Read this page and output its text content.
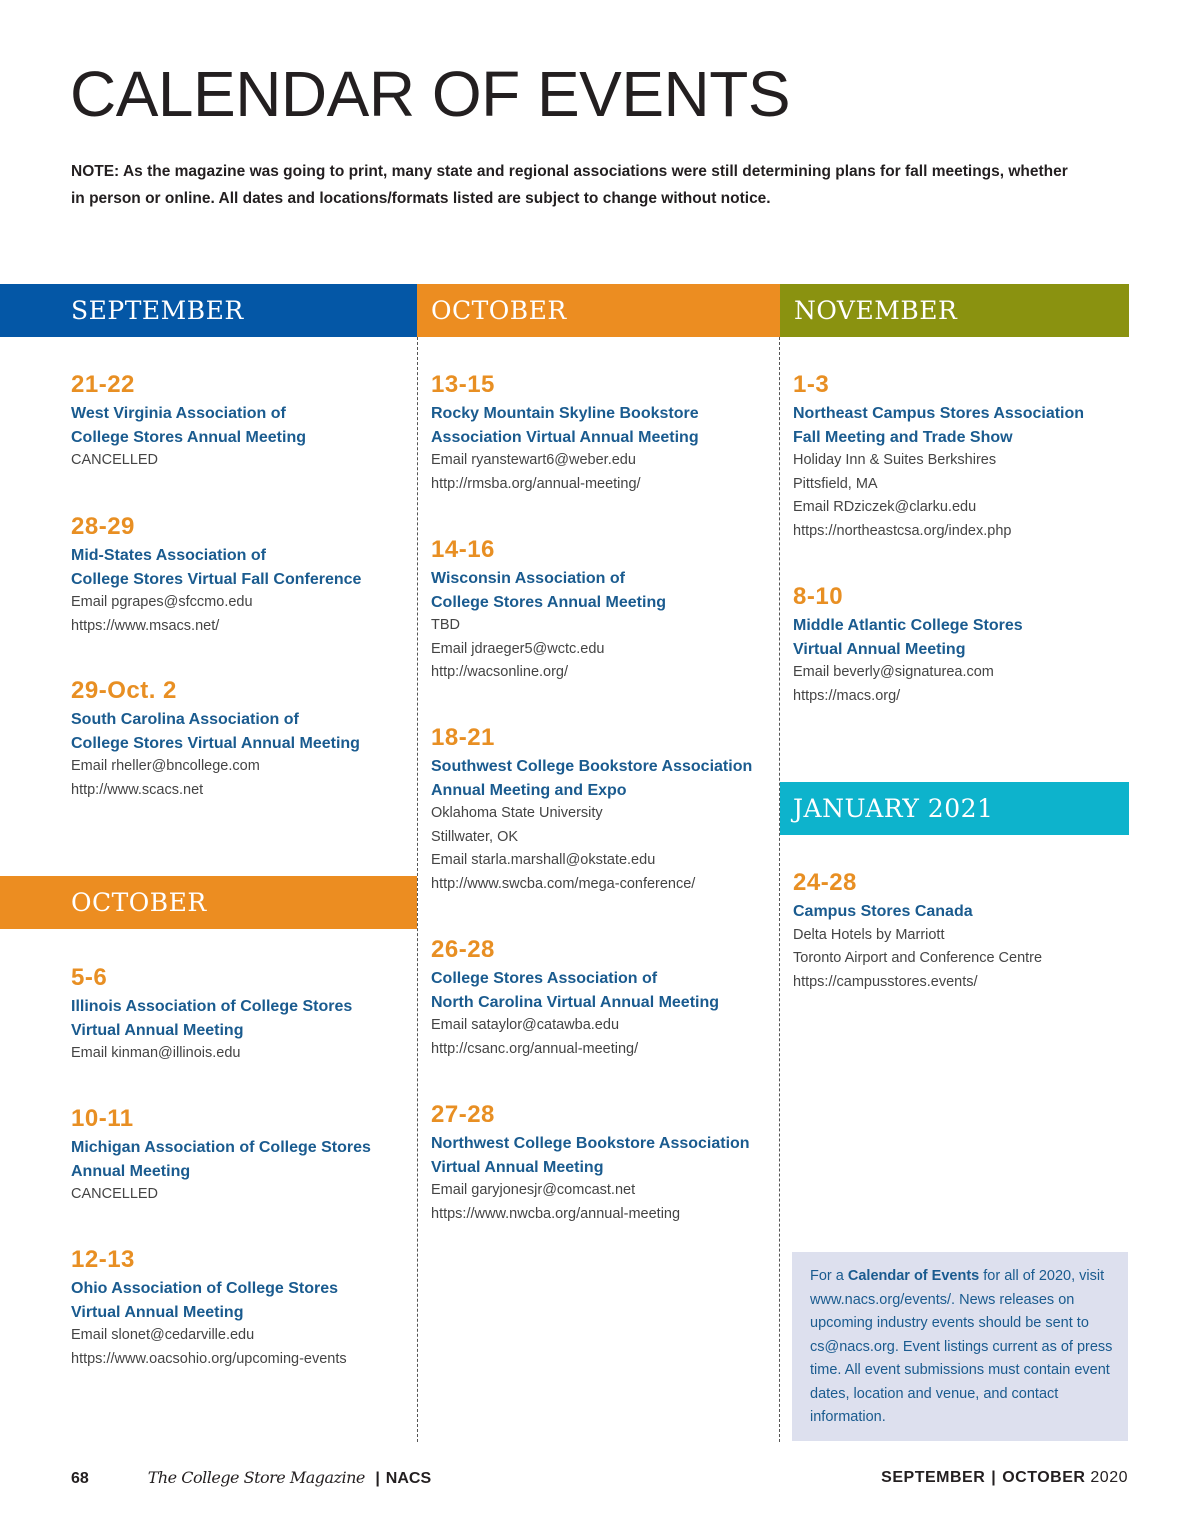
CALENDAR OF EVENTS

NOTE: As the magazine was going to print, many state and regional associations were still determining plans for fall meetings, whether in person or online. All dates and locations/formats listed are subject to change without notice.

SEPTEMBER	OCTOBER	NOVEMBER
OCTOBER
JANUARY 2021

21-22

West Virginia Association of

College Stores Annual Meeting

CANCELLED

28-29

Mid-States Association of

College Stores Virtual Fall Conference

Email pgrapes@sfccmo.edu

https://www.msacs.net/

29-Oct. 2

South Carolina Association of

College Stores Virtual Annual Meeting

Email rheller@bncollege.com

http://www.scacs.net

5-6

Illinois Association of College Stores

Virtual Annual Meeting

Email kinman@illinois.edu

10-11

Michigan Association of College Stores

Annual Meeting

CANCELLED

12-13

Ohio Association of College Stores

Virtual Annual Meeting

Email slonet@cedarville.edu

https://www.oacsohio.org/upcoming-events

13-15

Rocky Mountain Skyline Bookstore

Association Virtual Annual Meeting

Email ryanstewart6@weber.edu

http://rmsba.org/annual-meeting/

14-16

Wisconsin Association of

College Stores Annual Meeting

TBD

Email jdraeger5@wctc.edu

http://wacsonline.org/

18-21

Southwest College Bookstore Association

Annual Meeting and Expo

Oklahoma State University

Stillwater, OK

Email starla.marshall@okstate.edu

http://www.swcba.com/mega-conference/

26-28

College Stores Association of

North Carolina Virtual Annual Meeting

Email sataylor@catawba.edu

http://csanc.org/annual-meeting/

27-28

Northwest College Bookstore Association

Virtual Annual Meeting

Email garyjonesjr@comcast.net

https://www.nwcba.org/annual-meeting

1-3

Northeast Campus Stores Association

Fall Meeting and Trade Show

Holiday Inn & Suites Berkshires

Pittsfield, MA

Email RDziczek@clarku.edu

https://northeastcsa.org/index.php

8-10

Middle Atlantic College Stores

Virtual Annual Meeting

Email beverly@signaturea.com

https://macs.org/

24-28

Campus Stores Canada

Delta Hotels by Marriott

Toronto Airport and Conference Centre

https://campusstores.events/

For a Calendar of Events for all of 2020, visit www.nacs.org/events/. News releases on upcoming industry events should be sent to cs@nacs.org. Event listings current as of press time. All event submissions must contain event dates, location and venue, and contact information.
68	The College Store Magazine | NACS	SEPTEMBER | OCTOBER 2020
